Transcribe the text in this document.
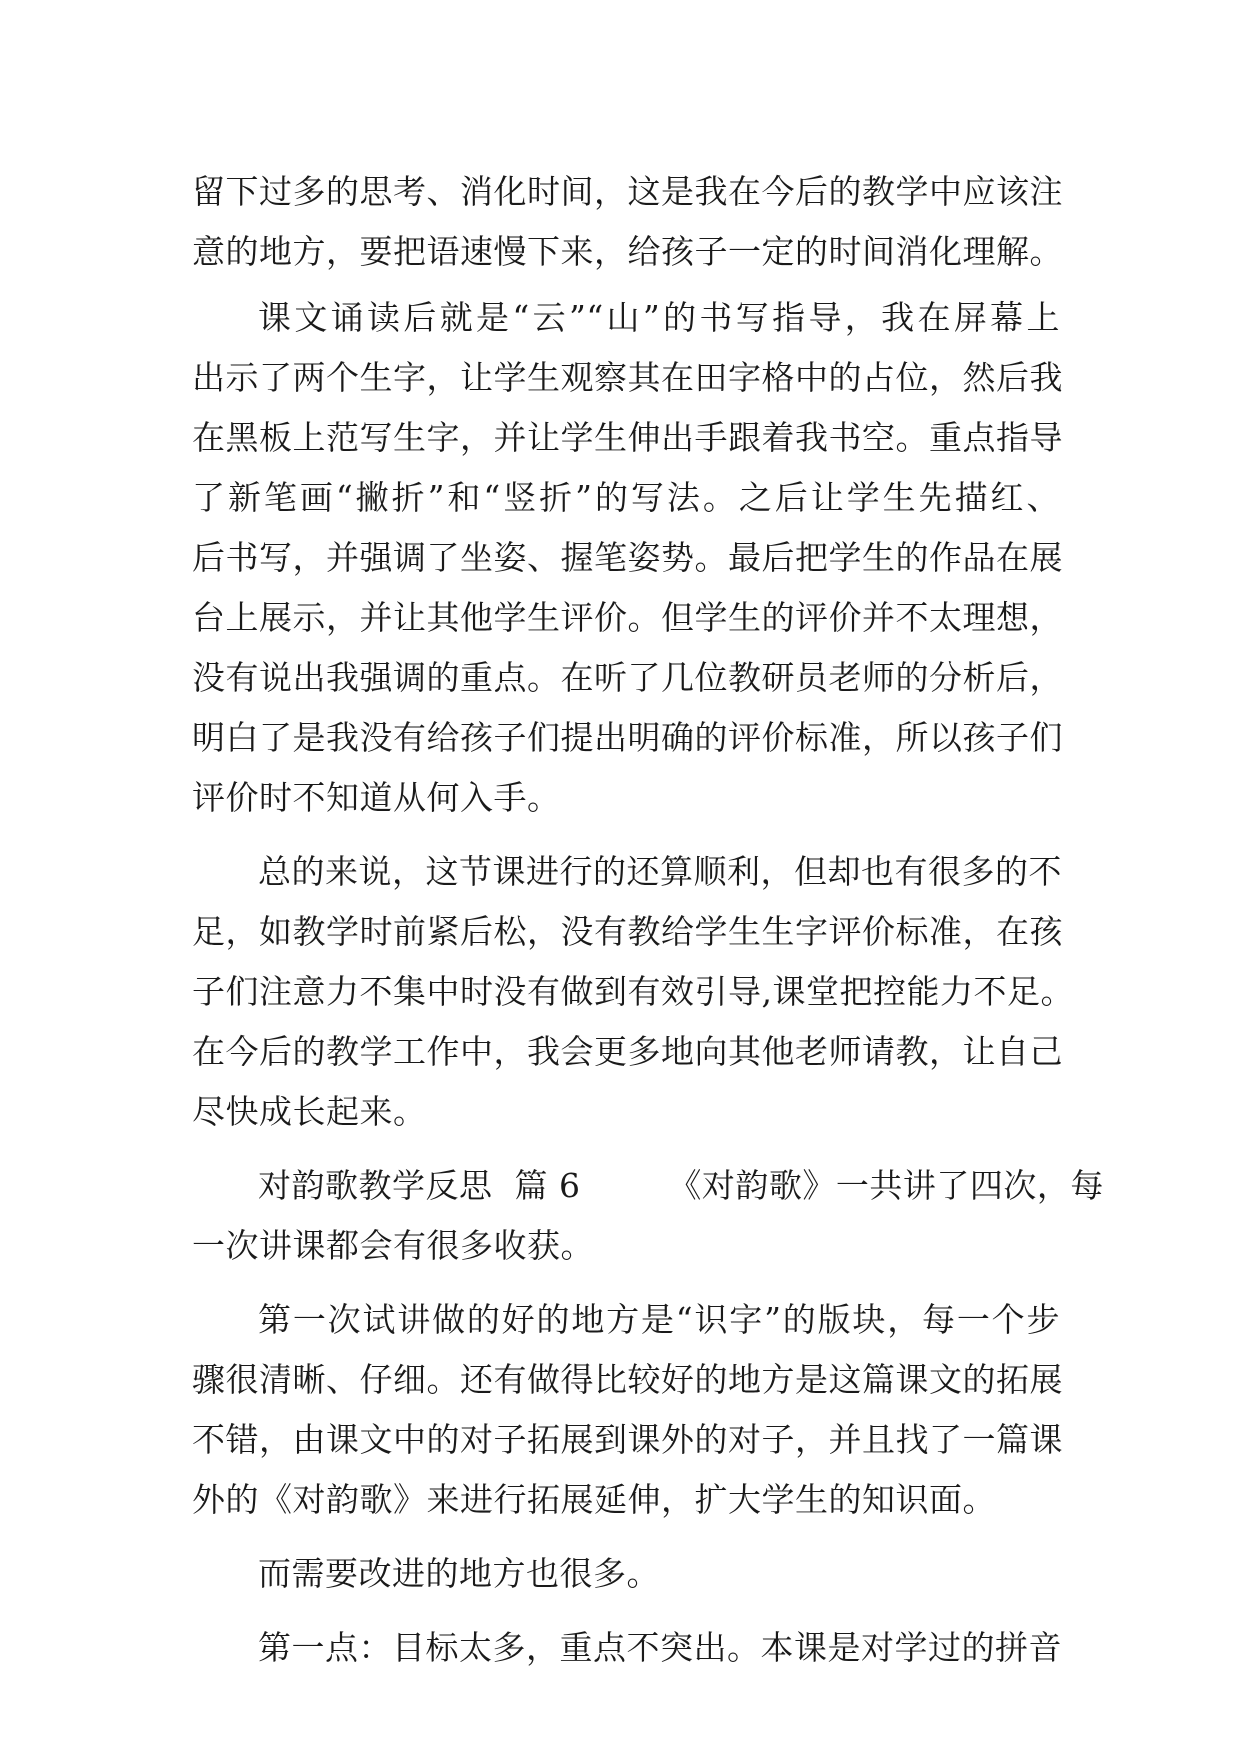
留下过多的思考、消化时间，这是我在今后的教学中应该注
意的地方，要把语速慢下来，给孩子一定的时间消化理解。
课文诵读后就是“云”“山”的书写指导，我在屏幕上
出示了两个生字，让学生观察其在田字格中的占位，然后我
在黑板上范写生字，并让学生伸出手跟着我书空。重点指导
了新笔画“撇折”和“竖折”的写法。之后让学生先描红、
后书写，并强调了坐姿、握笔姿势。最后把学生的作品在展
台上展示，并让其他学生评价。但学生的评价并不太理想，
没有说出我强调的重点。在听了几位教研员老师的分析后，
明白了是我没有给孩子们提出明确的评价标准，所以孩子们
评价时不知道从何入手。
总的来说，这节课进行的还算顺利，但却也有很多的不
足，如教学时前紧后松，没有教给学生生字评价标准，在孩
子们注意力不集中时没有做到有效引导,课堂把控能力不足。
在今后的教学工作中，我会更多地向其他老师请教，让自己
尽快成长起来。
对韵歌教学反思  篇 6        《对韵歌》一共讲了四次，每
一次讲课都会有很多收获。
第一次试讲做的好的地方是“识字”的版块，每一个步
骤很清晰、仔细。还有做得比较好的地方是这篇课文的拓展
不错，由课文中的对子拓展到课外的对子，并且找了一篇课
外的《对韵歌》来进行拓展延伸，扩大学生的知识面。
而需要改进的地方也很多。
第一点：目标太多，重点不突出。本课是对学过的拼音
